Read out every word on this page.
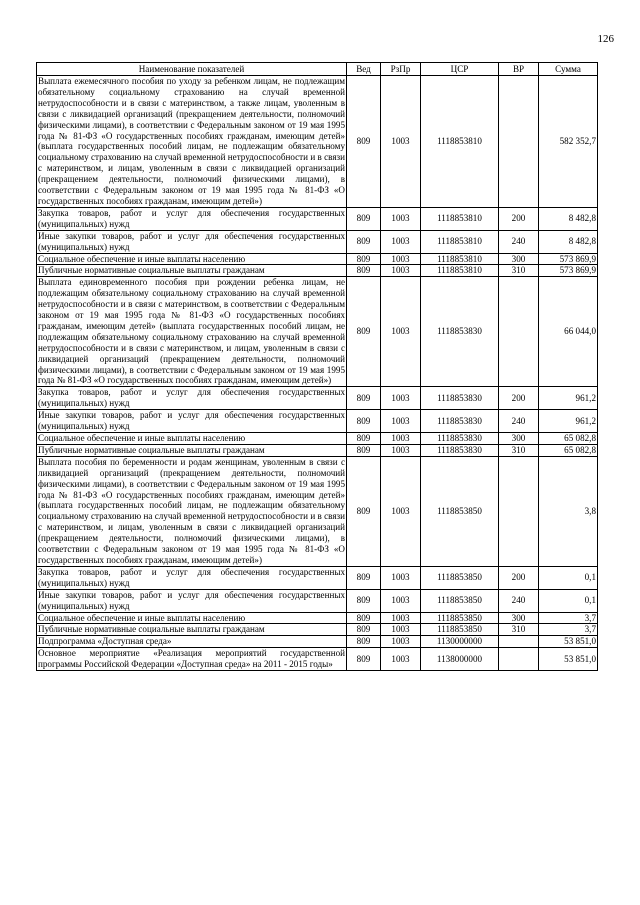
126
Наименование показателей	Вед	РзПр	ЦСР	ВР	Сумма
Выплата ежемесячного пособия по уходу за ребенком лицам, не подлежащим обязательному социальному страхованию на случай временной нетрудоспособности и в связи с материнством, а также лицам, уволенным в связи с ликвидацией организаций (прекращением деятельности, полномочий физическими лицами), в соответствии с Федеральным законом от 19 мая 1995 года № 81-ФЗ «О государственных пособиях гражданам, имеющим детей» (выплата государственных пособий лицам, не подлежащим обязательному социальному страхованию на случай временной нетрудоспособности и в связи с материнством, и лицам, уволенным в связи с ликвидацией организаций (прекращением деятельности, полномочий физическими лицами), в соответствии с Федеральным законом от 19 мая 1995 года № 81-ФЗ «О государственных пособиях гражданам, имеющим детей»)	809	1003	1118853810		582 352,7
Закупка товаров, работ и услуг для обеспечения государственных (муниципальных) нужд	809	1003	1118853810	200	8 482,8
Иные закупки товаров, работ и услуг для обеспечения государственных (муниципальных) нужд	809	1003	1118853810	240	8 482,8
Социальное обеспечение и иные выплаты населению	809	1003	1118853810	300	573 869,9
Публичные нормативные социальные выплаты гражданам	809	1003	1118853810	310	573 869,9
Выплата единовременного пособия при рождении ребенка лицам, не подлежащим обязательному социальному страхованию на случай временной нетрудоспособности и в связи с материнством, в соответствии с Федеральным законом от 19 мая 1995 года № 81-ФЗ «О государственных пособиях гражданам, имеющим детей» (выплата государственных пособий лицам, не подлежащим обязательному социальному страхованию на случай временной нетрудоспособности и в связи с материнством, и лицам, уволенным в связи с ликвидацией организаций (прекращением деятельности, полномочий физическими лицами), в соответствии с Федеральным законом от 19 мая 1995 года № 81-ФЗ «О государственных пособиях гражданам, имеющим детей»)	809	1003	1118853830		66 044,0
Закупка товаров, работ и услуг для обеспечения государственных (муниципальных) нужд	809	1003	1118853830	200	961,2
Иные закупки товаров, работ и услуг для обеспечения государственных (муниципальных) нужд	809	1003	1118853830	240	961,2
Социальное обеспечение и иные выплаты населению	809	1003	1118853830	300	65 082,8
Публичные нормативные социальные выплаты гражданам	809	1003	1118853830	310	65 082,8
Выплата пособия по беременности и родам женщинам, уволенным в связи с ликвидацией организаций (прекращением деятельности, полномочий физическими лицами), в соответствии с Федеральным законом от 19 мая 1995 года № 81-ФЗ «О государственных пособиях гражданам, имеющим детей» (выплата государственных пособий лицам, не подлежащим обязательному социальному страхованию на случай временной нетрудоспособности и в связи с материнством, и лицам, уволенным в связи с ликвидацией организаций (прекращением деятельности, полномочий физическими лицами), в соответствии с Федеральным законом от 19 мая 1995 года № 81-ФЗ «О государственных пособиях гражданам, имеющим детей»)	809	1003	1118853850		3,8
Закупка товаров, работ и услуг для обеспечения государственных (муниципальных) нужд	809	1003	1118853850	200	0,1
Иные закупки товаров, работ и услуг для обеспечения государственных (муниципальных) нужд	809	1003	1118853850	240	0,1
Социальное обеспечение и иные выплаты населению	809	1003	1118853850	300	3,7
Публичные нормативные социальные выплаты гражданам	809	1003	1118853850	310	3,7
Подпрограмма «Доступная среда»	809	1003	1130000000		53 851,0
Основное мероприятие «Реализация мероприятий государственной программы Российской Федерации «Доступная среда» на 2011 - 2015 годы»	809	1003	1138000000		53 851,0
